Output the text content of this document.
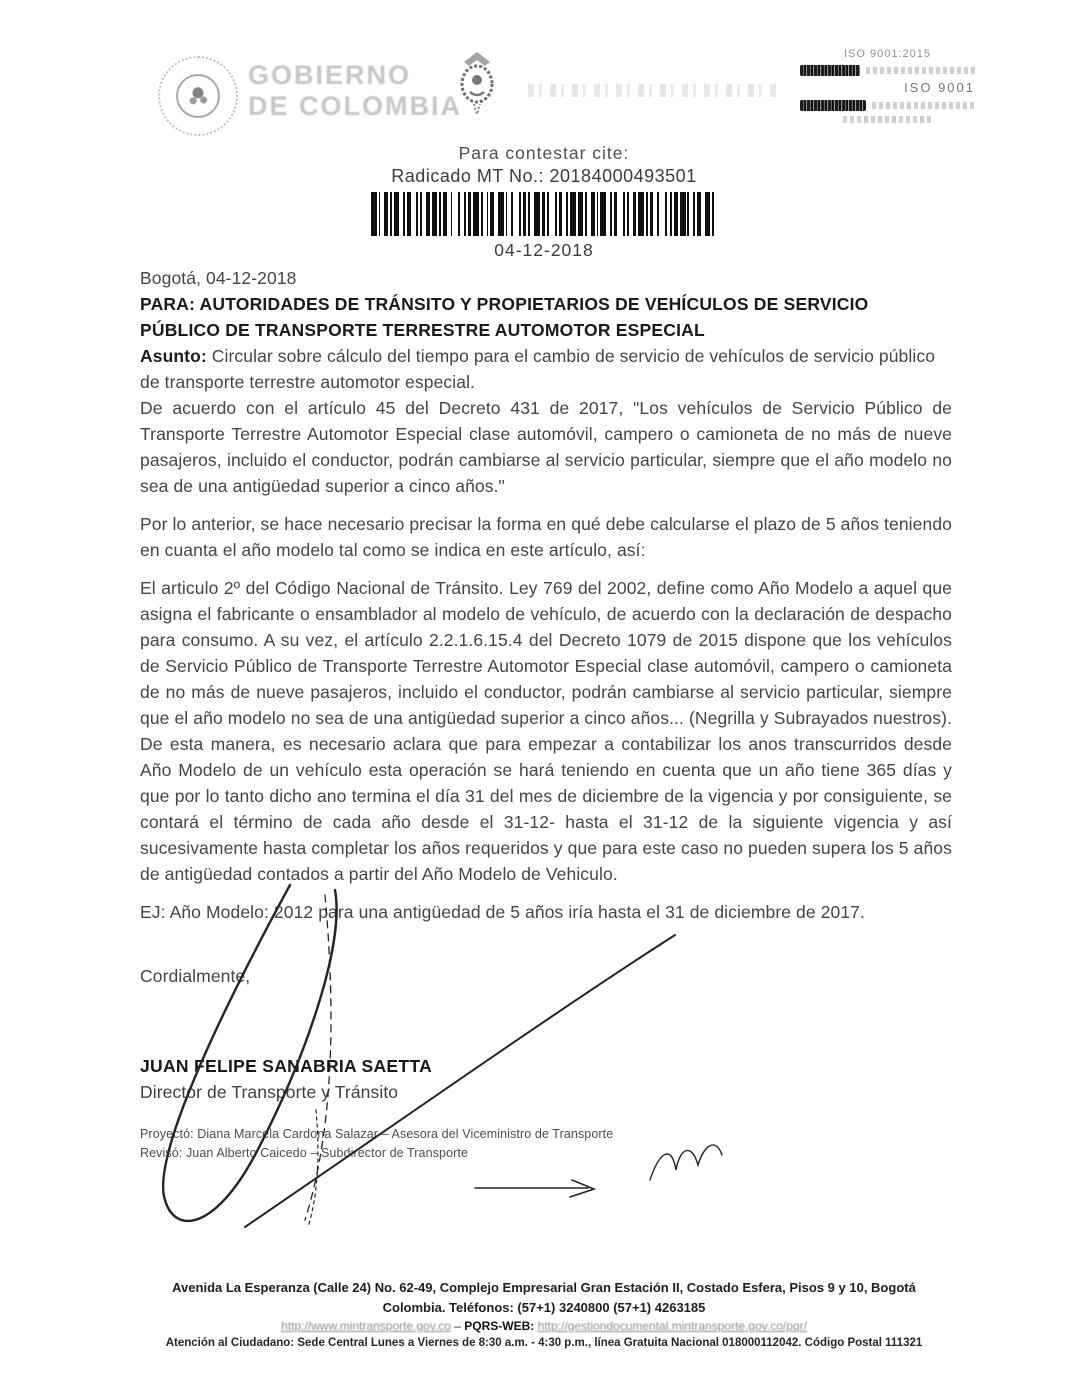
GOBIERNO
DE COLOMBIA
ISO 9001:2015
ISO 9001
Para contestar cite:
Radicado MT No.: 20184000493501
04-12-2018

Bogotá, 04-12-2018

PARA: AUTORIDADES DE TRÁNSITO Y PROPIETARIOS DE VEHÍCULOS DE SERVICIO PÚBLICO DE TRANSPORTE TERRESTRE AUTOMOTOR ESPECIAL

Asunto: Circular sobre cálculo del tiempo para el cambio de servicio de vehículos de servicio público de transporte terrestre automotor especial.

De acuerdo con el artículo 45 del Decreto 431 de 2017, "Los vehículos de Servicio Público de Transporte Terrestre Automotor Especial clase automóvil, campero o camioneta de no más de nueve pasajeros, incluido el conductor, podrán cambiarse al servicio particular, siempre que el año modelo no sea de una antigüedad superior a cinco años."

Por lo anterior, se hace necesario precisar la forma en qué debe calcularse el plazo de 5 años teniendo en cuanta el año modelo tal como se indica en este artículo, así:

El articulo 2º del Código Nacional de Tránsito. Ley 769 del 2002, define como Año Modelo a aquel que asigna el fabricante o ensamblador al modelo de vehículo, de acuerdo con la declaración de despacho para consumo. A su vez, el artículo 2.2.1.6.15.4 del Decreto 1079 de 2015 dispone que los vehículos de Servicio Público de Transporte Terrestre Automotor Especial clase automóvil, campero o camioneta de no más de nueve pasajeros, incluido el conductor, podrán cambiarse al servicio particular, siempre que el año modelo no sea de una antigüedad superior a cinco años... (Negrilla y Subrayados nuestros). De esta manera, es necesario aclara que para empezar a contabilizar los anos transcurridos desde Año Modelo de un vehículo esta operación se hará teniendo en cuenta que un año tiene 365 días y que por lo tanto dicho ano termina el día 31 del mes de diciembre de la vigencia y por consiguiente, se contará el término de cada año desde el 31-12- hasta el 31-12 de la siguiente vigencia y así sucesivamente hasta completar los años requeridos y que para este caso no pueden supera los 5 años de antigüedad contados a partir del Año Modelo de Vehiculo.

EJ: Año Modelo: 2012 para una antigüedad de 5 años iría hasta el 31 de diciembre de 2017.

Cordialmente,

JUAN FELIPE SANABRIA SAETTA

Director de Transporte y Tránsito

Proyectó: Diana Marcela Cardona Salazar – Asesora del Viceministro de Transporte
Revisó: Juan Alberto Caicedo – Subdirector de Transporte
Avenida La Esperanza (Calle 24) No. 62-49, Complejo Empresarial Gran Estación II, Costado Esfera, Pisos 9 y 10, Bogotá
Colombia. Teléfonos: (57+1) 3240800 (57+1) 4263185
http://www.mintransporte.gov.co – PQRS-WEB: http://gestiondocumental.mintransporte.gov.co/pqr/
Atención al Ciudadano: Sede Central Lunes a Viernes de 8:30 a.m. - 4:30 p.m., línea Gratuita Nacional 018000112042. Código Postal 111321
